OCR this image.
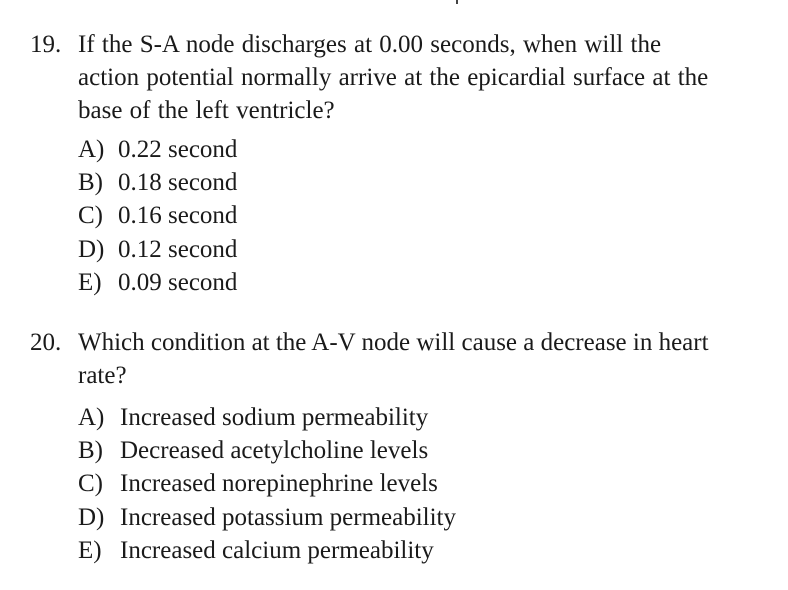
19. If the S-A node discharges at 0.00 seconds, when will the action potential normally arrive at the epicardial surface at the base of the left ventricle?
A) 0.22 second
B) 0.18 second
C) 0.16 second
D) 0.12 second
E) 0.09 second
20. Which condition at the A-V node will cause a decrease in heart rate?
A) Increased sodium permeability
B) Decreased acetylcholine levels
C) Increased norepinephrine levels
D) Increased potassium permeability
E) Increased calcium permeability
